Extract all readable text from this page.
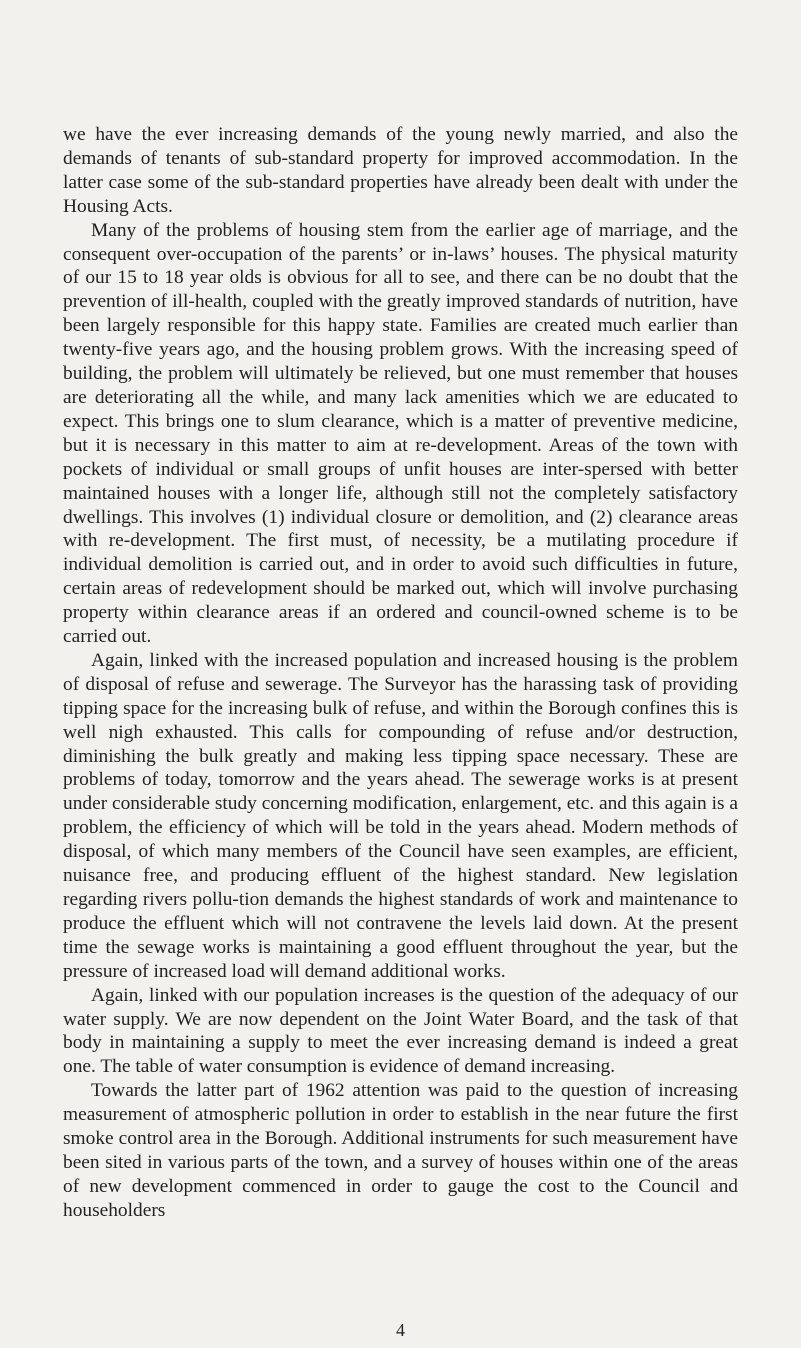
we have the ever increasing demands of the young newly married, and also the demands of tenants of sub-standard property for improved accommodation. In the latter case some of the sub-standard properties have already been dealt with under the Housing Acts.

Many of the problems of housing stem from the earlier age of marriage, and the consequent over-occupation of the parents’ or in-laws’ houses. The physical maturity of our 15 to 18 year olds is obvious for all to see, and there can be no doubt that the prevention of ill-health, coupled with the greatly improved standards of nutrition, have been largely responsible for this happy state. Families are created much earlier than twenty-five years ago, and the housing problem grows. With the increasing speed of building, the problem will ultimately be relieved, but one must remember that houses are deteriorating all the while, and many lack amenities which we are educated to expect. This brings one to slum clearance, which is a matter of preventive medicine, but it is necessary in this matter to aim at re-development. Areas of the town with pockets of individual or small groups of unfit houses are inter-spersed with better maintained houses with a longer life, although still not the completely satisfactory dwellings. This involves (1) individual closure or demolition, and (2) clearance areas with re-development. The first must, of necessity, be a mutilating procedure if individual demolition is carried out, and in order to avoid such difficulties in future, certain areas of redevelopment should be marked out, which will involve purchasing property within clearance areas if an ordered and council-owned scheme is to be carried out.

Again, linked with the increased population and increased housing is the problem of disposal of refuse and sewerage. The Surveyor has the harassing task of providing tipping space for the increasing bulk of refuse, and within the Borough confines this is well nigh exhausted. This calls for compounding of refuse and/or destruction, diminishing the bulk greatly and making less tipping space necessary. These are problems of today, tomorrow and the years ahead. The sewerage works is at present under considerable study concerning modification, enlargement, etc. and this again is a problem, the efficiency of which will be told in the years ahead. Modern methods of disposal, of which many members of the Council have seen examples, are efficient, nuisance free, and producing effluent of the highest standard. New legislation regarding rivers pollu-tion demands the highest standards of work and maintenance to produce the effluent which will not contravene the levels laid down. At the present time the sewage works is maintaining a good effluent throughout the year, but the pressure of increased load will demand additional works.

Again, linked with our population increases is the question of the adequacy of our water supply. We are now dependent on the Joint Water Board, and the task of that body in maintaining a supply to meet the ever increasing demand is indeed a great one. The table of water consumption is evidence of demand increasing.

Towards the latter part of 1962 attention was paid to the question of increasing measurement of atmospheric pollution in order to establish in the near future the first smoke control area in the Borough. Additional instruments for such measurement have been sited in various parts of the town, and a survey of houses within one of the areas of new development commenced in order to gauge the cost to the Council and householders

4
